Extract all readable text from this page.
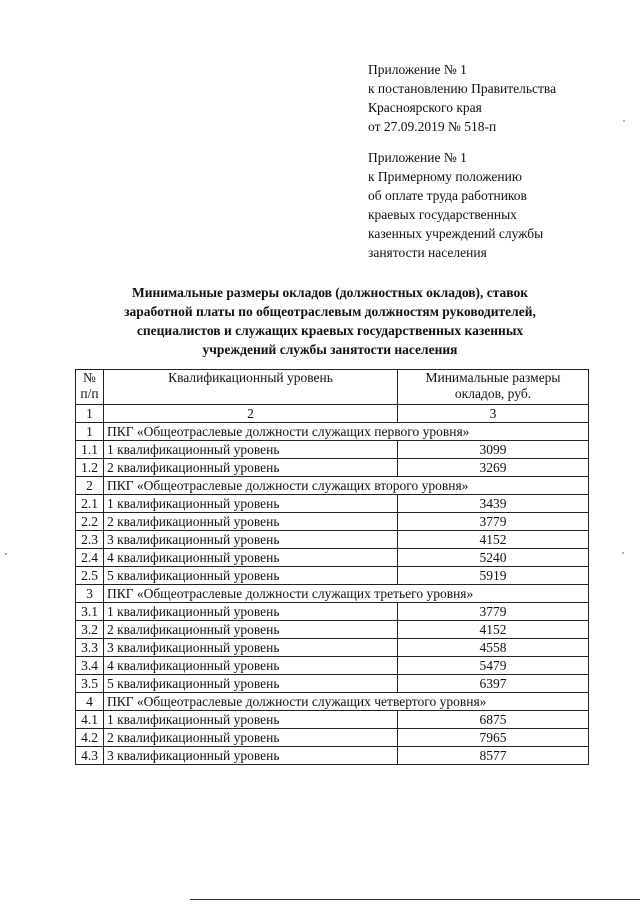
Приложение № 1
к постановлению Правительства
Красноярского края
от 27.09.2019 № 518-п
Приложение № 1
к Примерному положению
об оплате труда работников
краевых государственных
казенных учреждений службы
занятости населения
Минимальные размеры окладов (должностных окладов), ставок
заработной платы по общеотраслевым должностям руководителей,
специалистов и служащих краевых государственных казенных
учреждений службы занятости населения
№ п/п	Квалификационный уровень	Минимальные размеры окладов, руб.
1	2	3
1	ПКГ «Общеотраслевые должности служащих первого уровня»	
1.1	1 квалификационный уровень	3099
1.2	2 квалификационный уровень	3269
2	ПКГ «Общеотраслевые должности служащих второго уровня»	
2.1	1 квалификационный уровень	3439
2.2	2 квалификационный уровень	3779
2.3	3 квалификационный уровень	4152
2.4	4 квалификационный уровень	5240
2.5	5 квалификационный уровень	5919
3	ПКГ «Общеотраслевые должности служащих третьего уровня»	
3.1	1 квалификационный уровень	3779
3.2	2 квалификационный уровень	4152
3.3	3 квалификационный уровень	4558
3.4	4 квалификационный уровень	5479
3.5	5 квалификационный уровень	6397
4	ПКГ «Общеотраслевые должности служащих четвертого уровня»	
4.1	1 квалификационный уровень	6875
4.2	2 квалификационный уровень	7965
4.3	3 квалификационный уровень	8577
